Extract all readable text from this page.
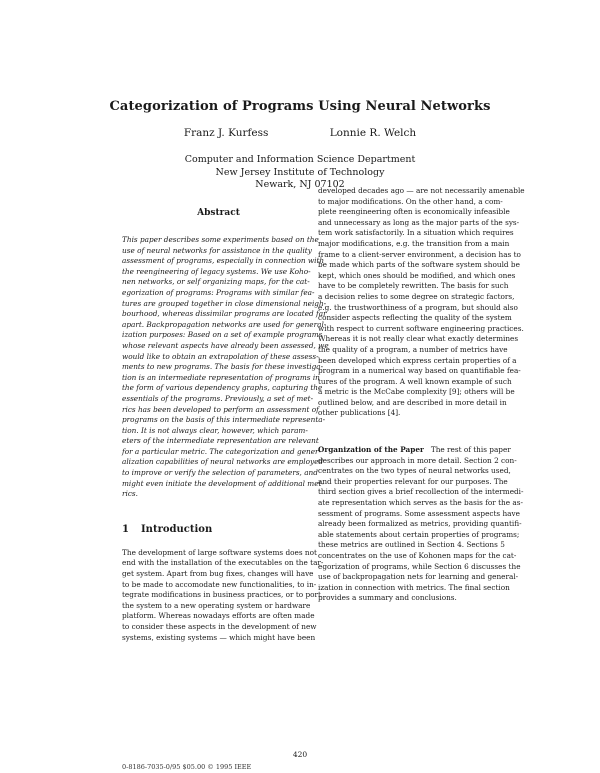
Categorization of Programs Using Neural Networks
Franz J. Kurfess	Lonnie R. Welch
Computer and Information Science Department
New Jersey Institute of Technology
Newark, NJ 07102
Abstract
This paper describes some experiments based on the
use of neural networks for assistance in the quality
assessment of programs, especially in connection with
the reengineering of legacy systems. We use Koho-
nen networks, or self organizing maps, for the cat-
egorization of programs: Programs with similar fea-
tures are grouped together in close dimensional neigh-
bourhood, whereas dissimilar programs are located far
apart. Backpropagation networks are used for general-
ization purposes: Based on a set of example programs
whose relevant aspects have already been assessed, we
would like to obtain an extrapolation of these assess-
ments to new programs. The basis for these investiga-
tion is an intermediate representation of programs in
the form of various dependency graphs, capturing the
essentials of the programs. Previously, a set of met-
rics has been developed to perform an assessment of
programs on the basis of this intermediate representa-
tion. It is not always clear, however, which param-
eters of the intermediate representation are relevant
for a particular metric. The categorization and gener-
alization capabilities of neural networks are employed
to improve or verify the selection of parameters, and
might even initiate the development of additional met-
rics.
1 Introduction
The development of large software systems does not
end with the installation of the executables on the tar-
get system. Apart from bug fixes, changes will have
to be made to accomodate new functionalities, to in-
tegrate modifications in business practices, or to port
the system to a new operating system or hardware
platform. Whereas nowadays efforts are often made
to consider these aspects in the development of new
systems, existing systems — which might have been
developed decades ago — are not necessarily amenable
to major modifications. On the other hand, a com-
plete reengineering often is economically infeasible
and unnecessary as long as the major parts of the sys-
tem work satisfactorily. In a situation which requires
major modifications, e.g. the transition from a main
frame to a client-server environment, a decision has to
be made which parts of the software system should be
kept, which ones should be modified, and which ones
have to be completely rewritten. The basis for such
a decision relies to some degree on strategic factors,
e.g. the trustworthiness of a program, but should also
consider aspects reflecting the quality of the system
with respect to current software engineering practices.
Whereas it is not really clear what exactly determines
the quality of a program, a number of metrics have
been developed which express certain properties of a
program in a numerical way based on quantifiable fea-
tures of the program. A well known example of such
a metric is the McCabe complexity [9]; others will be
outlined below, and are described in more detail in
other publications [4].
Organization of the Paper The rest of this paper
describes our approach in more detail. Section 2 con-
centrates on the two types of neural networks used,
and their properties relevant for our purposes. The
third section gives a brief recollection of the intermedi-
ate representation which serves as the basis for the as-
sessment of programs. Some assessment aspects have
already been formalized as metrics, providing quantifi-
able statements about certain properties of programs;
these metrics are outlined in Section 4. Sections 5
concentrates on the use of Kohonen maps for the cat-
egorization of programs, while Section 6 discusses the
use of backpropagation nets for learning and general-
ization in connection with metrics. The final section
provides a summary and conclusions.
420
0-8186-7035-0/95 $05.00 © 1995 IEEE
